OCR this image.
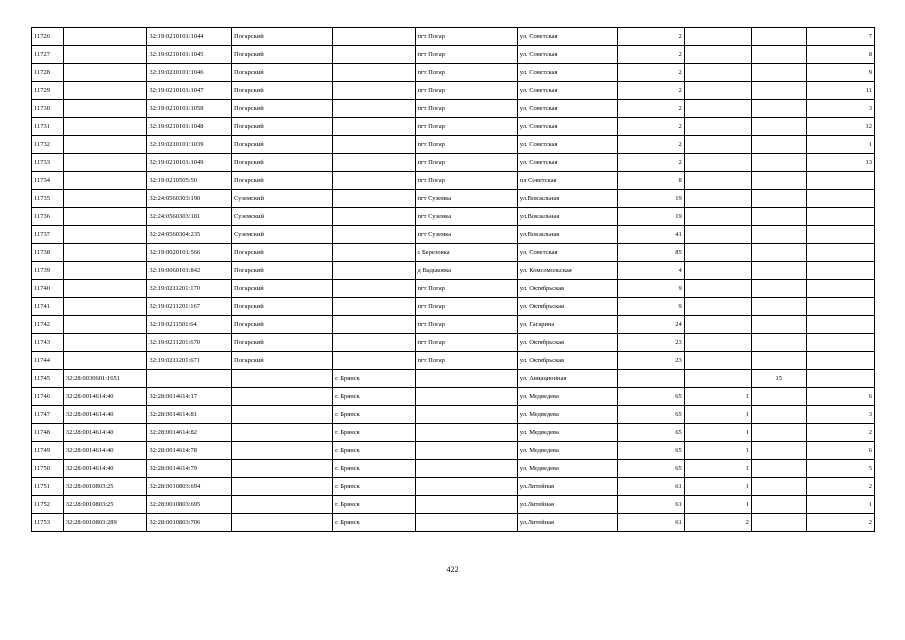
11726		32:19:0210101:1044	Погарский		пгт Погар	ул. Советская	2			7
11727		32:19:0210101:1045	Погарский		пгт Погар	ул. Советская	2			8
11728		32:19:0210101:1046	Погарский		пгт Погар	ул. Советская	2			9
11729		32:19:0210101:1047	Погарский		пгт Погар	ул. Советская	2			11
11730		32:19:0210101:1058	Погарский		пгт Погар	ул. Советская	2			3
11731		32:19:0210101:1048	Погарский		пгт Погар	ул. Советская	2			12
11732		32:19:0210101:1039	Погарский		пгт Погар	ул. Советская	2			1
11733		32:19:0210101:1049	Погарский		пгт Погар	ул. Советская	2			13
11734		32:19:0210505:50	Погарский		пгт Погар	пл Советская	8			
11735		32:24:0560303:190	Суземский		пгт Суземка	ул.Вокзальная	19			
11736		32:24:0560303:181	Суземский		пгт Суземка	ул.Вокзальная	19			
11737		32:24:0560304:235	Суземский		пгт Суземка	ул.Вокзальная	41			
11738		32:19:0020101:566	Погарский		с Березовка	ул. Советская	85			
11739		32:19:0060101:842	Погарский		д Вадьковка	ул. Комсомольская	4			
11740		32:19:0211201:170	Погарский		пгт Погар	ул. Октябрьская	9			
11741		32:19:0211201:167	Погарский		пгт Погар	ул. Октябрьская	9			
11742		32:19:0211501:64	Погарский		пгт Погар	ул. Гагарина	24			
11743		32:19:0211201:670	Погарский		пгт Погар	ул. Октябрьская	23			
11744		32:19:0211201:671	Погарский		пгт Погар	ул. Октябрьская	23			
11745	32:28:0030601:1651			г. Брянск		ул. Авиационная			15	
11746	32:28:0014614:40	32:28:0014614:17		г. Брянск		ул. Медведева	65	1		6
11747	32:28:0014614:40	32:28:0014614:81		г. Брянск		ул. Медведева	65	1		3
11748	32:28:0014614:40	32:28:0014614:82		г. Брянск		ул. Медведева	65	1		2
11749	32:28:0014614:40	32:28:0014614:78		г. Брянск		ул. Медведева	65	1		6
11750	32:28:0014614:40	32:28:0014614:79		г. Брянск		ул. Медведева	65	1		5
11751	32:28:0010803:25	32:28:0010803:694		г. Брянск		ул.Литейная	61	1		2
11752	32:28:0010803:25	32:28:0010803:695		г. Брянск		ул.Литейная	61	1		1
11753	32:28:0010803:289	32:28:0010803:706		г. Брянск		ул.Литейная	61	2		2
422
